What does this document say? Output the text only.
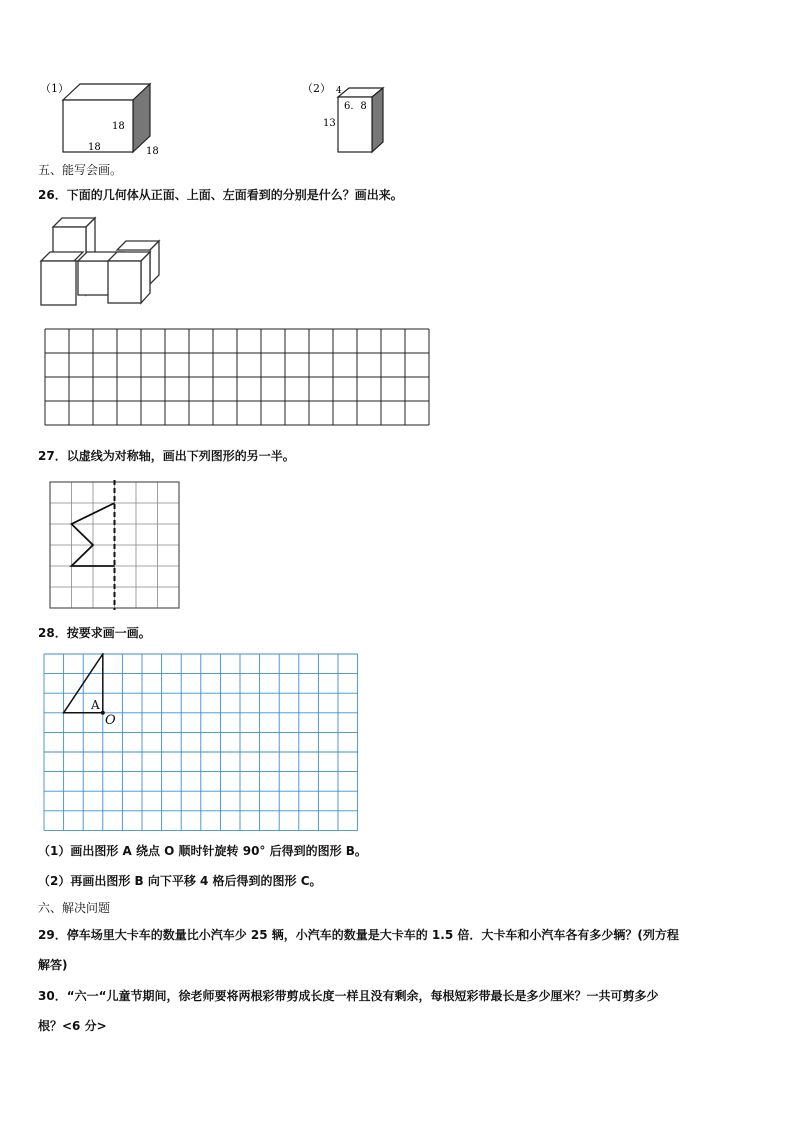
（1）
18
18	18
（2） 4
6．8
13
五、能写会画。
26．下面的几何体从正面、上面、左面看到的分别是什么？画出来。
27．以虚线为对称轴，画出下列图形的另一半。
28．按要求画一画。
A
O
（1）画出图形 A 绕点 O 顺时针旋转 90° 后得到的图形 B。
（2）再画出图形 B 向下平移 4 格后得到的图形 C。
六、解决问题
29．停车场里大卡车的数量比小汽车少 25 辆，小汽车的数量是大卡车的 1.5 倍．大卡车和小汽车各有多少辆？(列方程
解答)
30．“六一“儿童节期间，徐老师要将两根彩带剪成长度一样且没有剩余，每根短彩带最长是多少厘米？一共可剪多少
根？<6 分>
